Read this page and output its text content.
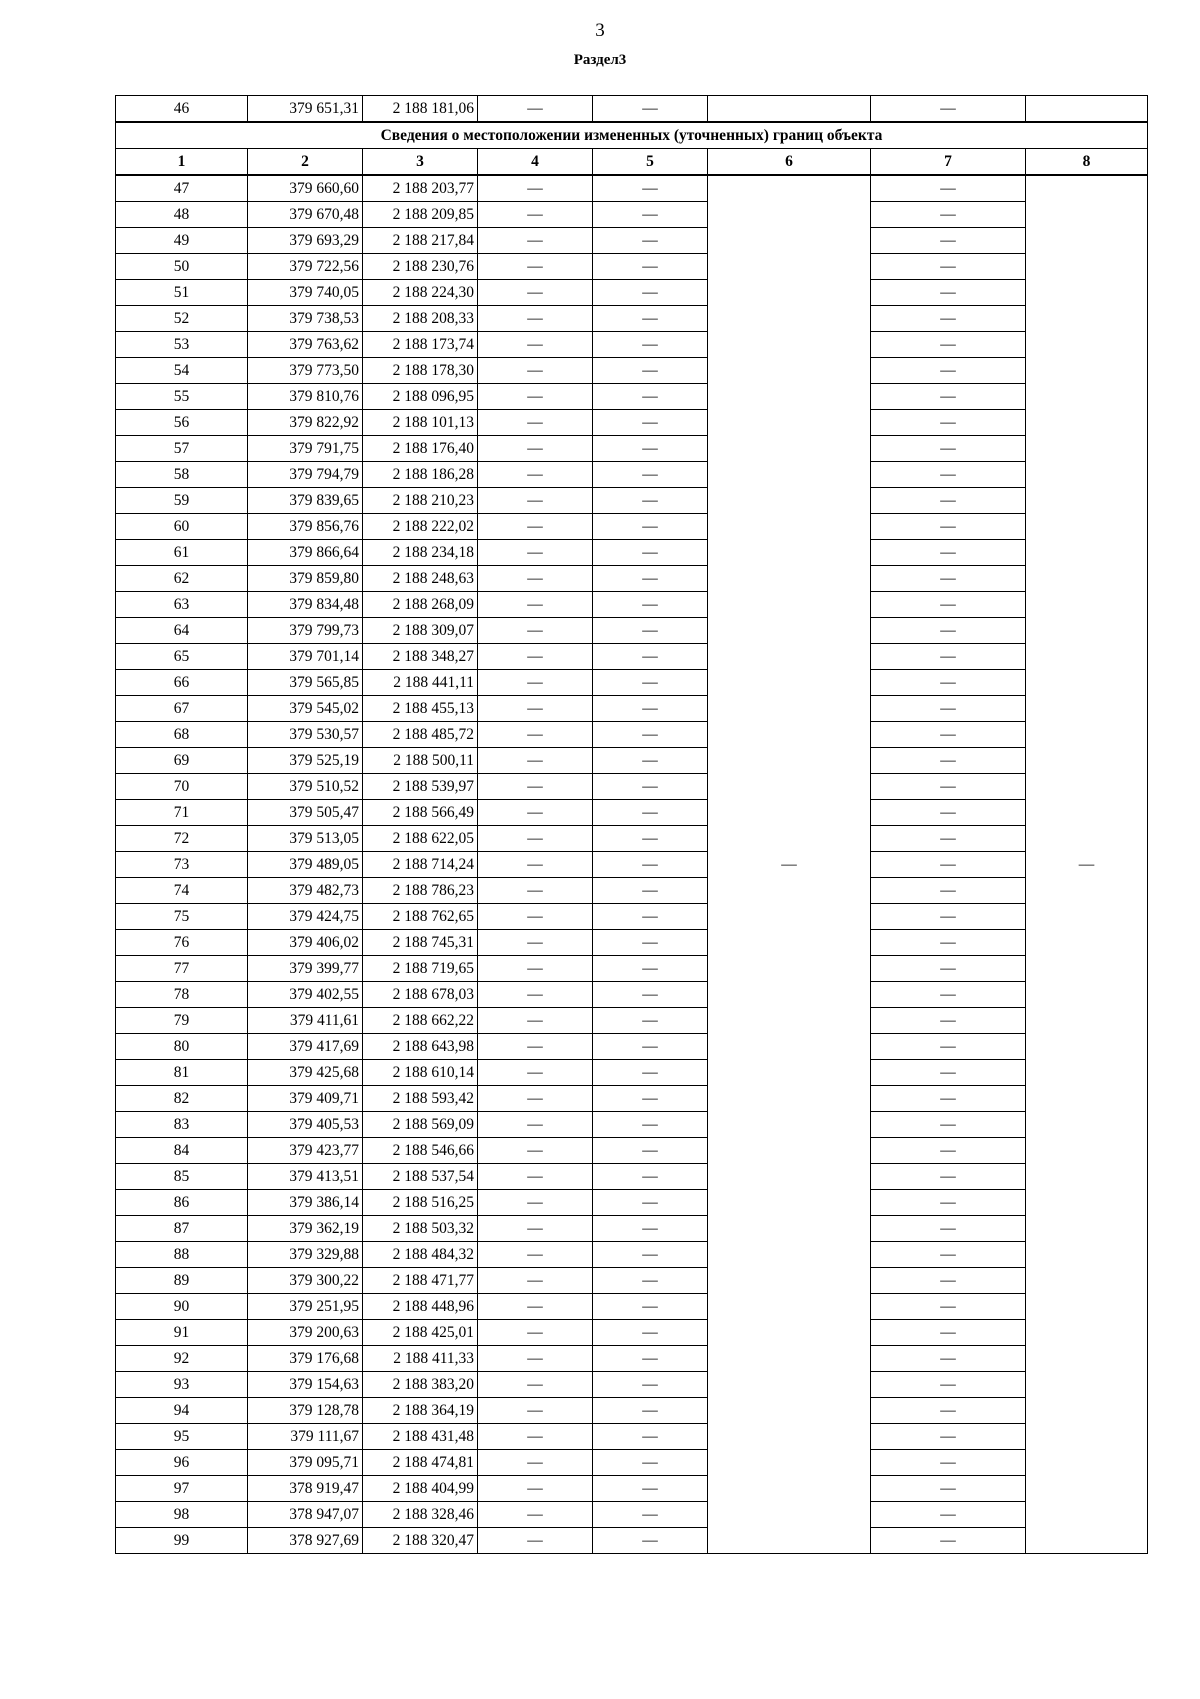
3
Раздел3
46	379 651,31	2 188 181,06	—	—		—	
Сведения о местоположении измененных (уточненных) границ объекта							
1	2	3	4	5	6	7	8
47	379 660,60	2 188 203,77	—	—	—	—	—
48	379 670,48	2 188 209,85	—	—		—	
49	379 693,29	2 188 217,84	—	—		—	
50	379 722,56	2 188 230,76	—	—		—	
51	379 740,05	2 188 224,30	—	—		—	
52	379 738,53	2 188 208,33	—	—		—	
53	379 763,62	2 188 173,74	—	—		—	
54	379 773,50	2 188 178,30	—	—		—	
55	379 810,76	2 188 096,95	—	—		—	
56	379 822,92	2 188 101,13	—	—		—	
57	379 791,75	2 188 176,40	—	—		—	
58	379 794,79	2 188 186,28	—	—		—	
59	379 839,65	2 188 210,23	—	—		—	
60	379 856,76	2 188 222,02	—	—		—	
61	379 866,64	2 188 234,18	—	—		—	
62	379 859,80	2 188 248,63	—	—		—	
63	379 834,48	2 188 268,09	—	—		—	
64	379 799,73	2 188 309,07	—	—		—	
65	379 701,14	2 188 348,27	—	—		—	
66	379 565,85	2 188 441,11	—	—		—	
67	379 545,02	2 188 455,13	—	—		—	
68	379 530,57	2 188 485,72	—	—		—	
69	379 525,19	2 188 500,11	—	—		—	
70	379 510,52	2 188 539,97	—	—		—	
71	379 505,47	2 188 566,49	—	—		—	
72	379 513,05	2 188 622,05	—	—		—	
73	379 489,05	2 188 714,24	—	—		—	
74	379 482,73	2 188 786,23	—	—		—	
75	379 424,75	2 188 762,65	—	—		—	
76	379 406,02	2 188 745,31	—	—		—	
77	379 399,77	2 188 719,65	—	—		—	
78	379 402,55	2 188 678,03	—	—		—	
79	379 411,61	2 188 662,22	—	—		—	
80	379 417,69	2 188 643,98	—	—		—	
81	379 425,68	2 188 610,14	—	—		—	
82	379 409,71	2 188 593,42	—	—		—	
83	379 405,53	2 188 569,09	—	—		—	
84	379 423,77	2 188 546,66	—	—		—	
85	379 413,51	2 188 537,54	—	—		—	
86	379 386,14	2 188 516,25	—	—		—	
87	379 362,19	2 188 503,32	—	—		—	
88	379 329,88	2 188 484,32	—	—		—	
89	379 300,22	2 188 471,77	—	—		—	
90	379 251,95	2 188 448,96	—	—		—	
91	379 200,63	2 188 425,01	—	—		—	
92	379 176,68	2 188 411,33	—	—		—	
93	379 154,63	2 188 383,20	—	—		—	
94	379 128,78	2 188 364,19	—	—		—	
95	379 111,67	2 188 431,48	—	—		—	
96	379 095,71	2 188 474,81	—	—		—	
97	378 919,47	2 188 404,99	—	—		—	
98	378 947,07	2 188 328,46	—	—		—	
99	378 927,69	2 188 320,47	—	—		—	
